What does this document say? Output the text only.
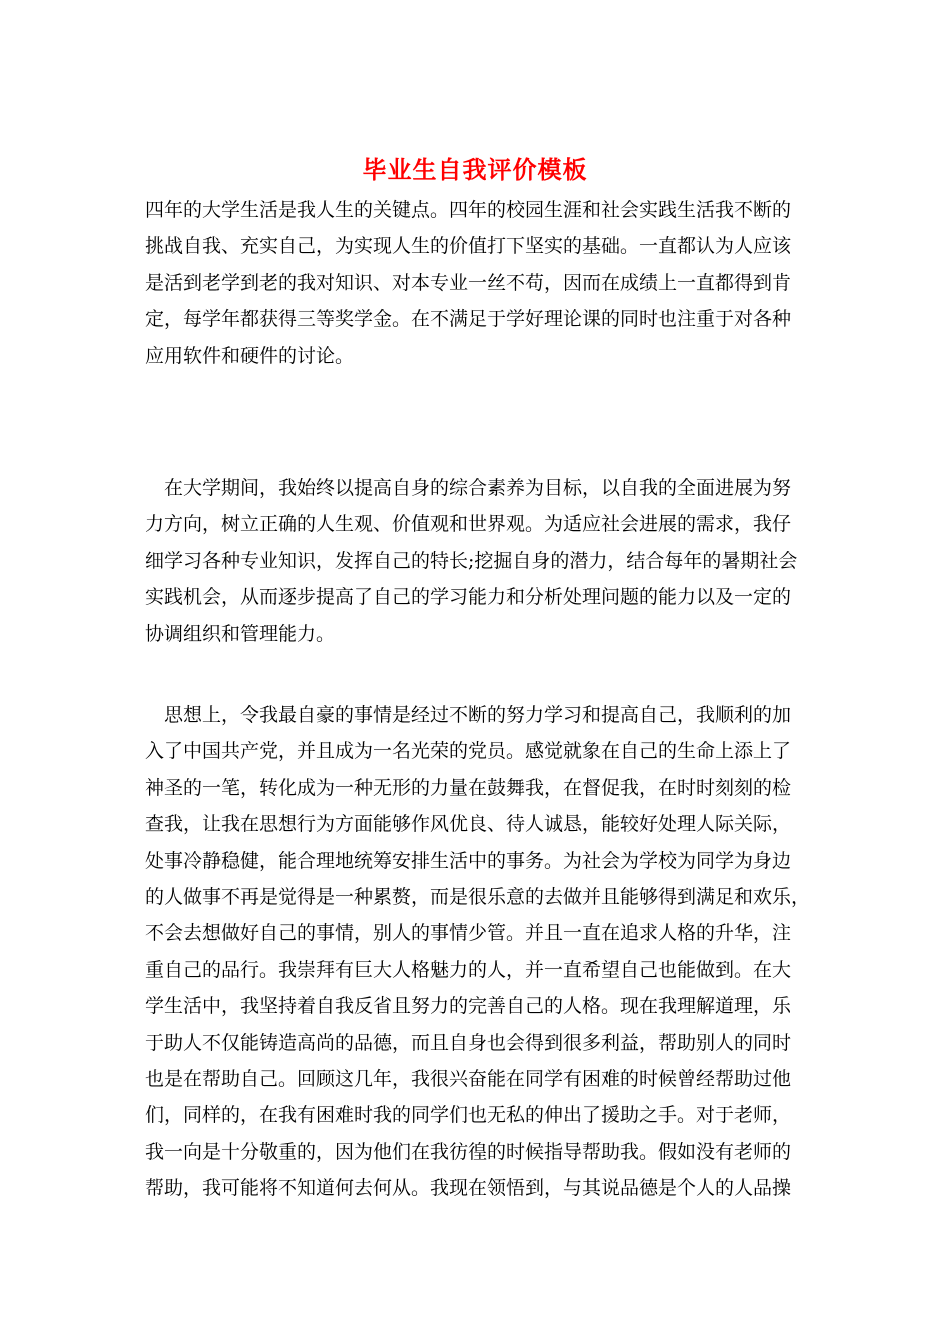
毕业生自我评价模板

四年的大学生活是我人生的关键点。四年的校园生涯和社会实践生活我不断的
挑战自我、充实自己，为实现人生的价值打下坚实的基础。一直都认为人应该
是活到老学到老的我对知识、对本专业一丝不苟，因而在成绩上一直都得到肯
定，每学年都获得三等奖学金。在不满足于学好理论课的同时也注重于对各种
应用软件和硬件的讨论。

　在大学期间，我始终以提高自身的综合素养为目标，以自我的全面进展为努
力方向，树立正确的人生观、价值观和世界观。为适应社会进展的需求，我仔
细学习各种专业知识，发挥自己的特长;挖掘自身的潜力，结合每年的暑期社会
实践机会，从而逐步提高了自己的学习能力和分析处理问题的能力以及一定的
协调组织和管理能力。

　思想上，令我最自豪的事情是经过不断的努力学习和提高自己，我顺利的加
入了中国共产党，并且成为一名光荣的党员。感觉就象在自己的生命上添上了
神圣的一笔，转化成为一种无形的力量在鼓舞我，在督促我，在时时刻刻的检
查我，让我在思想行为方面能够作风优良、待人诚恳，能较好处理人际关际，
处事冷静稳健，能合理地统筹安排生活中的事务。为社会为学校为同学为身边
的人做事不再是觉得是一种累赘，而是很乐意的去做并且能够得到满足和欢乐，
不会去想做好自己的事情，别人的事情少管。并且一直在追求人格的升华，注
重自己的品行。我崇拜有巨大人格魅力的人，并一直希望自己也能做到。在大
学生活中，我坚持着自我反省且努力的完善自己的人格。现在我理解道理，乐
于助人不仅能铸造高尚的品德，而且自身也会得到很多利益，帮助别人的同时
也是在帮助自己。回顾这几年，我很兴奋能在同学有困难的时候曾经帮助过他
们，同样的，在我有困难时我的同学们也无私的伸出了援助之手。对于老师，
我一向是十分敬重的，因为他们在我彷徨的时候指导帮助我。假如没有老师的
帮助，我可能将不知道何去何从。我现在领悟到，与其说品德是个人的人品操
